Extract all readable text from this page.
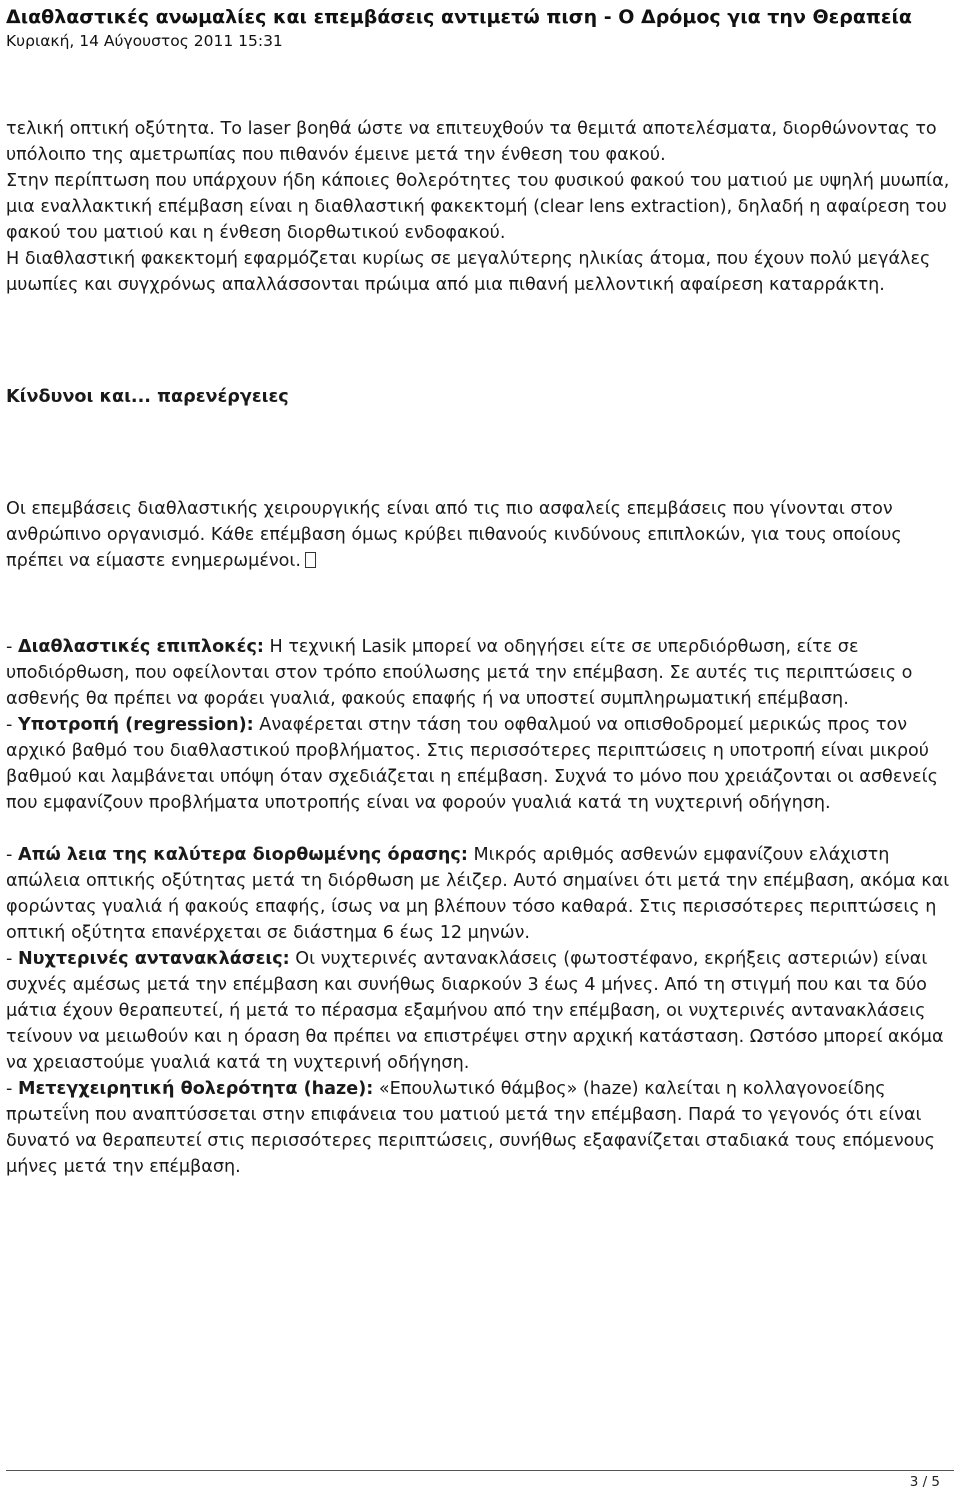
Διαθλαστικές ανωμαλίες και επεμβάσεις αντιμετώ πιση - Ο Δρόμος για την Θεραπεία
Κυριακή, 14 Αύγουστος 2011 15:31

τελική οπτική οξύτητα. Το laser βοηθά ώστε να επιτευχθούν τα θεμιτά αποτελέσματα, διορθώνοντας το υπόλοιπο της αμετρωπίας που πιθανόν έμεινε μετά την ένθεση του φακού.

Στην περίπτωση που υπάρχουν ήδη κάποιες θολερότητες του φυσικού φακού του ματιού με υψηλή μυωπία, μια εναλλακτική επέμβαση είναι η διαθλαστική φακεκτομή (clear lens extraction), δηλαδή η αφαίρεση του φακού του ματιού και η ένθεση διορθωτικού ενδοφακού.

Η διαθλαστική φακεκτομή εφαρμόζεται κυρίως σε μεγαλύτερης ηλικίας άτομα, που έχουν πολύ μεγάλες μυωπίες και συγχρόνως απαλλάσσονται πρώιμα από μια πιθανή μελλοντική αφαίρεση καταρράκτη.

Κίνδυνοι και... παρενέργειες

Οι επεμβάσεις διαθλαστικής χειρουργικής είναι από τις πιο ασφαλείς επεμβάσεις που γίνονται στον ανθρώπινο οργανισμό. Κάθε επέμβαση όμως κρύβει πιθανούς κινδύνους επιπλοκών, για τους οποίους πρέπει να είμαστε ενημερωμένοι.

- Διαθλαστικές επιπλοκές: Η τεχνική Lasik μπορεί να οδηγήσει είτε σε υπερδιόρθωση, είτε σε υποδιόρθωση, που οφείλονται στον τρόπο επούλωσης μετά την επέμβαση. Σε αυτές τις περιπτώσεις ο ασθενής θα πρέπει να φοράει γυαλιά, φακούς επαφής ή να υποστεί συμπληρωματική επέμβαση.

- Υποτροπή (regression): Αναφέρεται στην τάση του οφθαλμού να οπισθοδρομεί μερικώς προς τον αρχικό βαθμό του διαθλαστικού προβλήματος. Στις περισσότερες περιπτώσεις η υποτροπή είναι μικρού βαθμού και λαμβάνεται υπόψη όταν σχεδιάζεται η επέμβαση. Συχνά το μόνο που χρειάζονται οι ασθενείς που εμφανίζουν προβλήματα υποτροπής είναι να φορούν γυαλιά κατά τη νυχτερινή οδήγηση.

- Απώ λεια της καλύτερα διορθωμένης όρασης: Μικρός αριθμός ασθενών εμφανίζουν ελάχιστη απώλεια οπτικής οξύτητας μετά τη διόρθωση με λέιζερ. Αυτό σημαίνει ότι μετά την επέμβαση, ακόμα και φορώντας γυαλιά ή φακούς επαφής, ίσως να μη βλέπουν τόσο καθαρά. Στις περισσότερες περιπτώσεις η οπτική οξύτητα επανέρχεται σε διάστημα 6 έως 12 μηνών.

- Νυχτερινές αντανακλάσεις: Οι νυχτερινές αντανακλάσεις (φωτοστέφανο, εκρήξεις αστεριών) είναι συχνές αμέσως μετά την επέμβαση και συνήθως διαρκούν 3 έως 4 μήνες. Από τη στιγμή που και τα δύο μάτια έχουν θεραπευτεί, ή μετά το πέρασμα εξαμήνου από την επέμβαση, οι νυχτερινές αντανακλάσεις τείνουν να μειωθούν και η όραση θα πρέπει να επιστρέψει στην αρχική κατάσταση. Ωστόσο μπορεί ακόμα να χρειαστούμε γυαλιά κατά τη νυχτερινή οδήγηση.

- Μετεγχειρητική θολερότητα (haze): «Επουλωτικό θάμβος» (haze) καλείται η κολλαγονοείδης πρωτεΐνη που αναπτύσσεται στην επιφάνεια του ματιού μετά την επέμβαση. Παρά το γεγονός ότι είναι δυνατό να θεραπευτεί στις περισσότερες περιπτώσεις, συνήθως εξαφανίζεται σταδιακά τους επόμενους μήνες μετά την επέμβαση.

3 / 5
